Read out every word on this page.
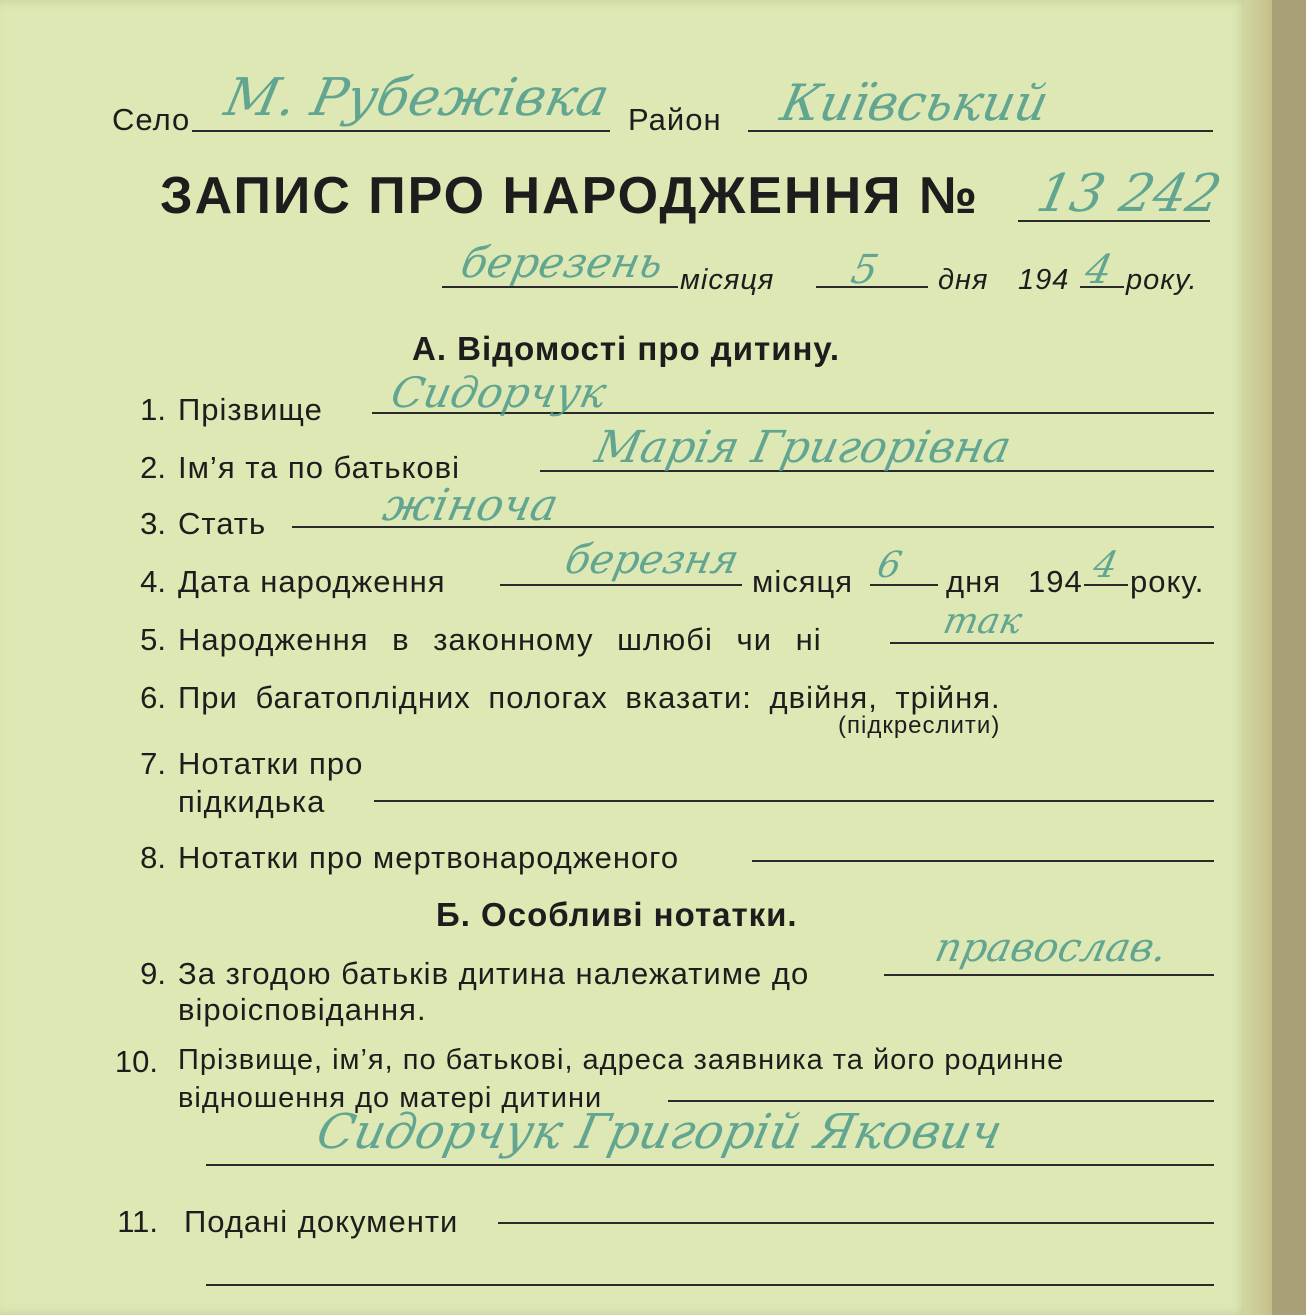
Село М. Рубежівка Район Київський
ЗАПИС ПРО НАРОДЖЕННЯ № 13 242
березень місяця 5 дня 194 4 року.
А. Відомості про дитину.
1. Прізвище Сидорчук
2. Ім’я та по батькові	Марія Григорівна
3. Стать	жіноча
4. Дата народження	березня місяця 6 дня 194 4 року.
5. Народження в законному шлюбі чи ні	так
6. При багатоплідних пологах вказати: двійня, трійня.
(підкреслити)
7. Нотатки про
підкидька
8. Нотатки про мертвонародженого
Б. Особливі нотатки.
9. За згодою батьків дитина належатиме до
віроісповідання.
православ.
10. Прізвище, ім’я, по батькові, адреса заявника та його родинне
відношення до матері дитини
Сидорчук Григорій Якович
11. Подані документи
